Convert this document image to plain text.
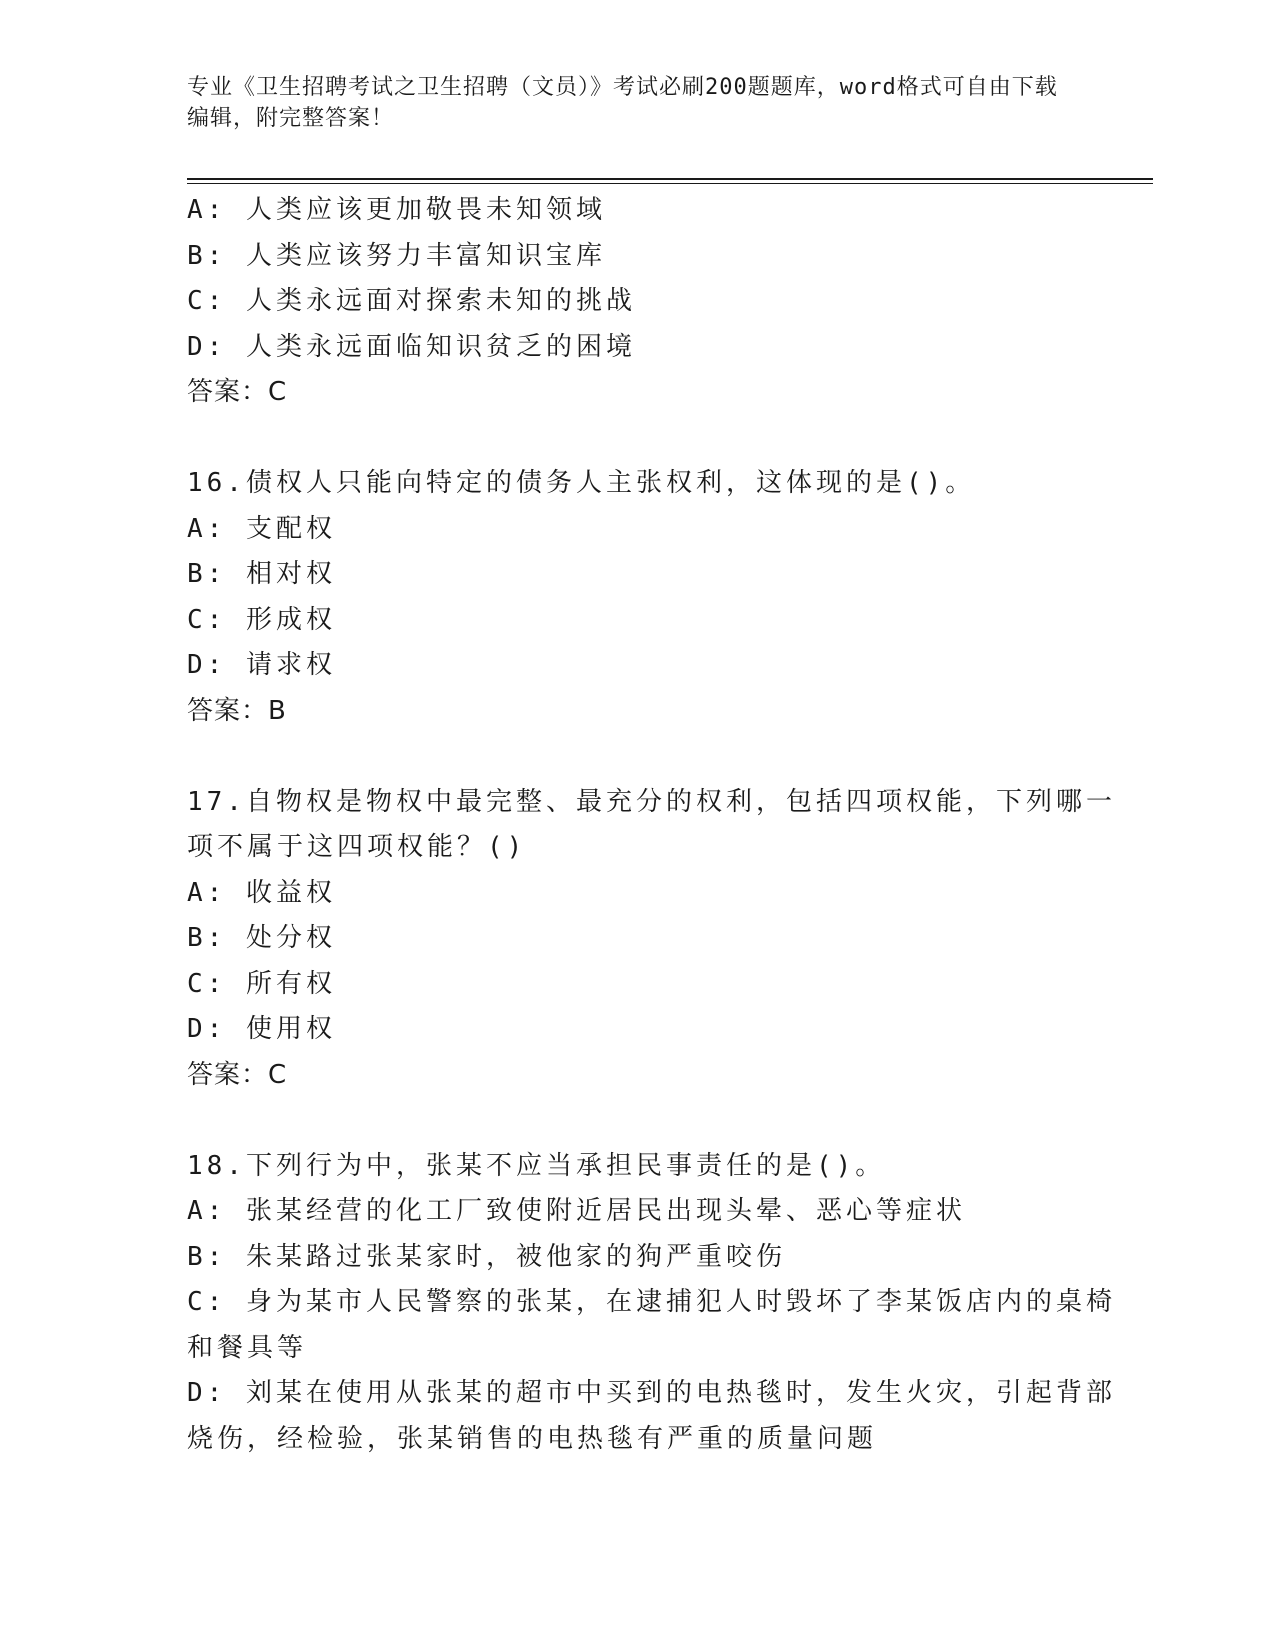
专业《卫生招聘考试之卫生招聘（文员）》考试必刷200题题库，word格式可自由下载编辑，附完整答案！
A: 人类应该更加敬畏未知领域
B: 人类应该努力丰富知识宝库
C: 人类永远面对探索未知的挑战
D: 人类永远面临知识贫乏的困境
答案：C
16.债权人只能向特定的债务人主张权利，这体现的是()。
A: 支配权
B: 相对权
C: 形成权
D: 请求权
答案：B
17.自物权是物权中最完整、最充分的权利，包括四项权能，下列哪一
项不属于这四项权能？()
A: 收益权
B: 处分权
C: 所有权
D: 使用权
答案：C
18.下列行为中，张某不应当承担民事责任的是()。
A: 张某经营的化工厂致使附近居民出现头晕、恶心等症状
B: 朱某路过张某家时，被他家的狗严重咬伤
C: 身为某市人民警察的张某，在逮捕犯人时毁坏了李某饭店内的桌椅
和餐具等
D: 刘某在使用从张某的超市中买到的电热毯时，发生火灾，引起背部
烧伤，经检验，张某销售的电热毯有严重的质量问题
